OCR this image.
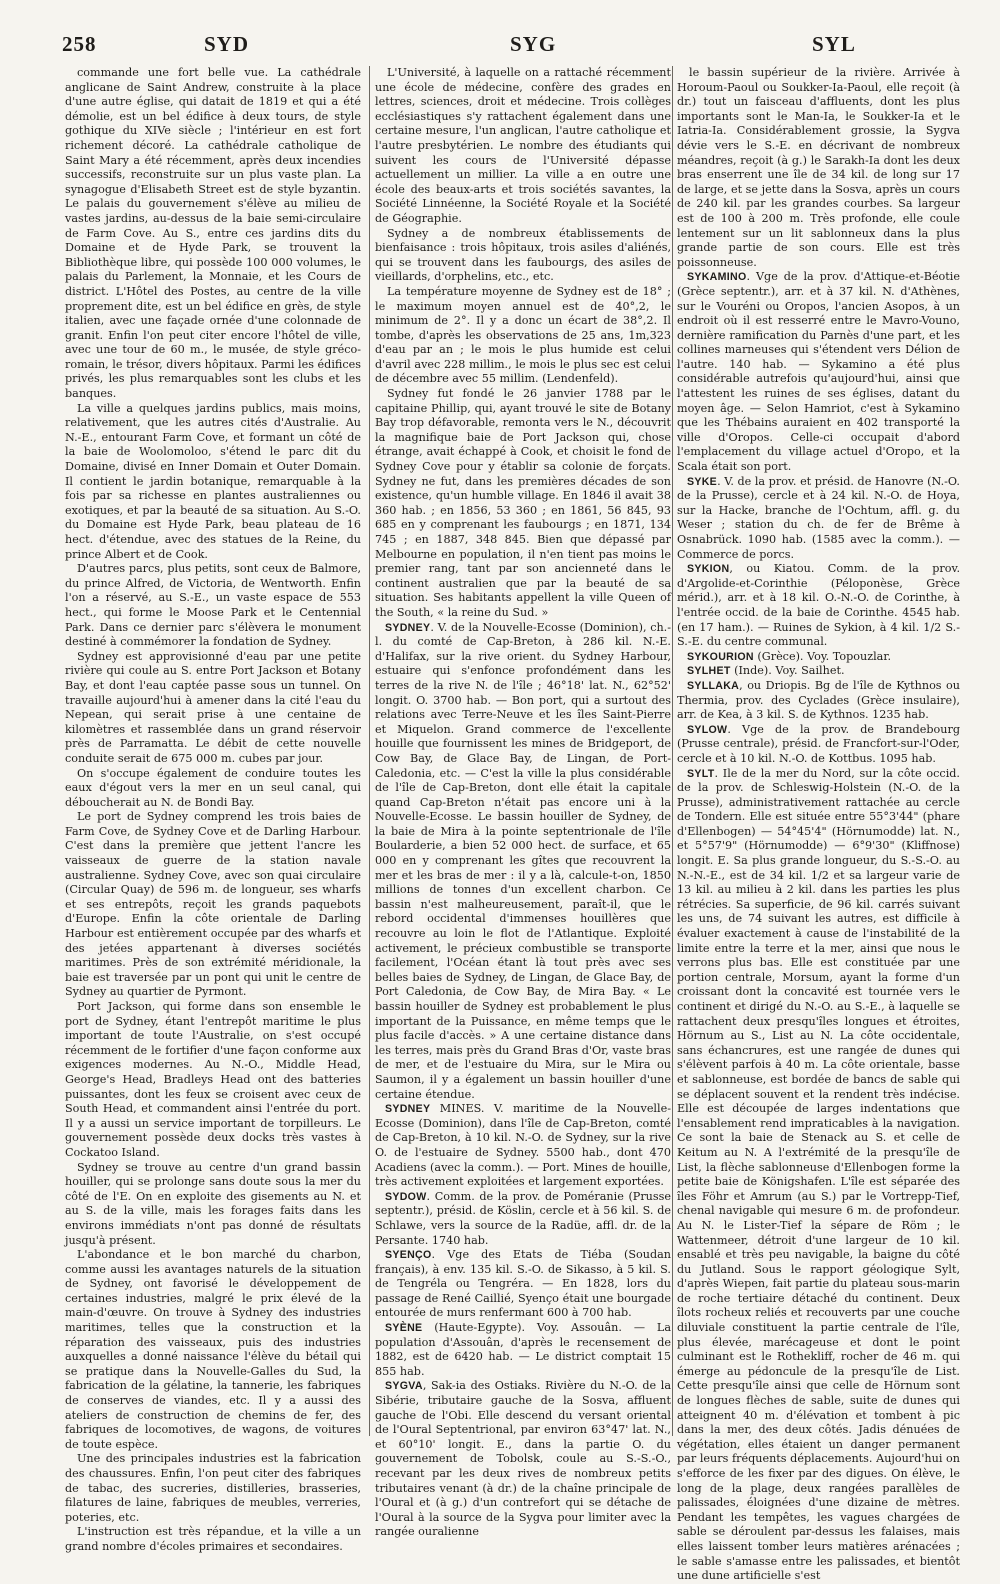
258	SYD	SYG	SYL

commande une fort belle vue. La cathédrale anglicane de Saint Andrew, construite à la place d'une autre église, qui datait de 1819 et qui a été démolie, est un bel édifice à deux tours, de style gothique du XIVe siècle ; l'intérieur en est fort richement décoré. La cathédrale catholique de Saint Mary a été récemment, après deux incendies successifs, reconstruite sur un plus vaste plan. La synagogue d'Elisabeth Street est de style byzantin. Le palais du gouvernement s'élève au milieu de vastes jardins, au-dessus de la baie semi-circulaire de Farm Cove. Au S., entre ces jardins dits du Domaine et de Hyde Park, se trouvent la Bibliothèque libre, qui possède 100 000 volumes, le palais du Parlement, la Monnaie, et les Cours de district. L'Hôtel des Postes, au centre de la ville proprement dite, est un bel édifice en grès, de style italien, avec une façade ornée d'une colonnade de granit. Enfin l'on peut citer encore l'hôtel de ville, avec une tour de 60 m., le musée, de style gréco-romain, le trésor, divers hôpitaux. Parmi les édifices privés, les plus remarquables sont les clubs et les banques.

La ville a quelques jardins publics, mais moins, relativement, que les autres cités d'Australie. Au N.-E., entourant Farm Cove, et formant un côté de la baie de Woolomoloo, s'étend le parc dit du Domaine, divisé en Inner Domain et Outer Domain. Il contient le jardin botanique, remarquable à la fois par sa richesse en plantes australiennes ou exotiques, et par la beauté de sa situation. Au S.-O. du Domaine est Hyde Park, beau plateau de 16 hect. d'étendue, avec des statues de la Reine, du prince Albert et de Cook.

D'autres parcs, plus petits, sont ceux de Balmore, du prince Alfred, de Victoria, de Wentworth. Enfin l'on a réservé, au S.-E., un vaste espace de 553 hect., qui forme le Moose Park et le Centennial Park. Dans ce dernier parc s'élèvera le monument destiné à commémorer la fondation de Sydney.

Sydney est approvisionné d'eau par une petite rivière qui coule au S. entre Port Jackson et Botany Bay, et dont l'eau captée passe sous un tunnel. On travaille aujourd'hui à amener dans la cité l'eau du Nepean, qui serait prise à une centaine de kilomètres et rassemblée dans un grand réservoir près de Parramatta. Le débit de cette nouvelle conduite serait de 675 000 m. cubes par jour.

On s'occupe également de conduire toutes les eaux d'égout vers la mer en un seul canal, qui déboucherait au N. de Bondi Bay.

Le port de Sydney comprend les trois baies de Farm Cove, de Sydney Cove et de Darling Harbour. C'est dans la première que jettent l'ancre les vaisseaux de guerre de la station navale australienne. Sydney Cove, avec son quai circulaire (Circular Quay) de 596 m. de longueur, ses wharfs et ses entrepôts, reçoit les grands paquebots d'Europe. Enfin la côte orientale de Darling Harbour est entièrement occupée par des wharfs et des jetées appartenant à diverses sociétés maritimes. Près de son extrémité méridionale, la baie est traversée par un pont qui unit le centre de Sydney au quartier de Pyrmont.

Port Jackson, qui forme dans son ensemble le port de Sydney, étant l'entrepôt maritime le plus important de toute l'Australie, on s'est occupé récemment de le fortifier d'une façon conforme aux exigences modernes. Au N.-O., Middle Head, George's Head, Bradleys Head ont des batteries puissantes, dont les feux se croisent avec ceux de South Head, et commandent ainsi l'entrée du port. Il y a aussi un service important de torpilleurs. Le gouvernement possède deux docks très vastes à Cockatoo Island.

Sydney se trouve au centre d'un grand bassin houiller, qui se prolonge sans doute sous la mer du côté de l'E. On en exploite des gisements au N. et au S. de la ville, mais les forages faits dans les environs immédiats n'ont pas donné de résultats jusqu'à présent.

L'abondance et le bon marché du charbon, comme aussi les avantages naturels de la situation de Sydney, ont favorisé le développement de certaines industries, malgré le prix élevé de la main-d'œuvre. On trouve à Sydney des industries maritimes, telles que la construction et la réparation des vaisseaux, puis des industries auxquelles a donné naissance l'élève du bétail qui se pratique dans la Nouvelle-Galles du Sud, la fabrication de la gélatine, la tannerie, les fabriques de conserves de viandes, etc. Il y a aussi des ateliers de construction de chemins de fer, des fabriques de locomotives, de wagons, de voitures de toute espèce.

Une des principales industries est la fabrication des chaussures. Enfin, l'on peut citer des fabriques de tabac, des sucreries, distilleries, brasseries, filatures de laine, fabriques de meubles, verreries, poteries, etc.

L'instruction est très répandue, et la ville a un grand nombre d'écoles primaires et secondaires.

L'Université, à laquelle on a rattaché récemment une école de médecine, confère des grades en lettres, sciences, droit et médecine. Trois collèges ecclésiastiques s'y rattachent également dans une certaine mesure, l'un anglican, l'autre catholique et l'autre presbytérien. Le nombre des étudiants qui suivent les cours de l'Université dépasse actuellement un millier. La ville a en outre une école des beaux-arts et trois sociétés savantes, la Société Linnéenne, la Société Royale et la Société de Géographie.

Sydney a de nombreux établissements de bienfaisance : trois hôpitaux, trois asiles d'aliénés, qui se trouvent dans les faubourgs, des asiles de vieillards, d'orphelins, etc., etc.

La température moyenne de Sydney est de 18° ; le maximum moyen annuel est de 40°,2, le minimum de 2°. Il y a donc un écart de 38°,2. Il tombe, d'après les observations de 25 ans, 1m,323 d'eau par an ; le mois le plus humide est celui d'avril avec 228 millim., le mois le plus sec est celui de décembre avec 55 millim. (Lendenfeld).

Sydney fut fondé le 26 janvier 1788 par le capitaine Phillip, qui, ayant trouvé le site de Botany Bay trop défavorable, remonta vers le N., découvrit la magnifique baie de Port Jackson qui, chose étrange, avait échappé à Cook, et choisit le fond de Sydney Cove pour y établir sa colonie de forçats. Sydney ne fut, dans les premières décades de son existence, qu'un humble village. En 1846 il avait 38 360 hab. ; en 1856, 53 360 ; en 1861, 56 845, 93 685 en y comprenant les faubourgs ; en 1871, 134 745 ; en 1887, 348 845. Bien que dépassé par Melbourne en population, il n'en tient pas moins le premier rang, tant par son ancienneté dans le continent australien que par la beauté de sa situation. Ses habitants appellent la ville Queen of the South, « la reine du Sud. »

SYDNEY. V. de la Nouvelle-Ecosse (Dominion), ch.-l. du comté de Cap-Breton, à 286 kil. N.-E. d'Halifax, sur la rive orient. du Sydney Harbour, estuaire qui s'enfonce profondément dans les terres de la rive N. de l'île ; 46°18' lat. N., 62°52' longit. O. 3700 hab. — Bon port, qui a surtout des relations avec Terre-Neuve et les îles Saint-Pierre et Miquelon. Grand commerce de l'excellente houille que fournissent les mines de Bridgeport, de Cow Bay, de Glace Bay, de Lingan, de Port-Caledonia, etc. — C'est la ville la plus considérable de l'île de Cap-Breton, dont elle était la capitale quand Cap-Breton n'était pas encore uni à la Nouvelle-Ecosse. Le bassin houiller de Sydney, de la baie de Mira à la pointe septentrionale de l'île Boularderie, a bien 52 000 hect. de surface, et 65 000 en y comprenant les gîtes que recouvrent la mer et les bras de mer : il y a là, calcule-t-on, 1850 millions de tonnes d'un excellent charbon. Ce bassin n'est malheureusement, paraît-il, que le rebord occidental d'immenses houillères que recouvre au loin le flot de l'Atlantique. Exploité activement, le précieux combustible se transporte facilement, l'Océan étant là tout près avec ses belles baies de Sydney, de Lingan, de Glace Bay, de Port Caledonia, de Cow Bay, de Mira Bay. « Le bassin houiller de Sydney est probablement le plus important de la Puissance, en même temps que le plus facile d'accès. » A une certaine distance dans les terres, mais près du Grand Bras d'Or, vaste bras de mer, et de l'estuaire du Mira, sur le Mira ou Saumon, il y a également un bassin houiller d'une certaine étendue.

SYDNEY MINES. V. maritime de la Nouvelle-Ecosse (Dominion), dans l'île de Cap-Breton, comté de Cap-Breton, à 10 kil. N.-O. de Sydney, sur la rive O. de l'estuaire de Sydney. 5500 hab., dont 470 Acadiens (avec la comm.). — Port. Mines de houille, très activement exploitées et largement exportées.

SYDOW. Comm. de la prov. de Poméranie (Prusse septentr.), présid. de Köslin, cercle et à 56 kil. S. de Schlawe, vers la source de la Radüe, affl. dr. de la Persante. 1740 hab.

SYENÇO. Vge des Etats de Tiéba (Soudan français), à env. 135 kil. S.-O. de Sikasso, à 5 kil. S. de Tengréla ou Tengréra. — En 1828, lors du passage de René Caillié, Syenço était une bourgade entourée de murs renfermant 600 à 700 hab.

SYÈNE (Haute-Egypte). Voy. Assouân. — La population d'Assouân, d'après le recensement de 1882, est de 6420 hab. — Le district comptait 15 855 hab.

SYGVA, Sak-ia des Ostiaks. Rivière du N.-O. de la Sibérie, tributaire gauche de la Sosva, affluent gauche de l'Obi. Elle descend du versant oriental de l'Oural Septentrional, par environ 63°47' lat. N., et 60°10' longit. E., dans la partie O. du gouvernement de Tobolsk, coule au S.-S.-O., recevant par les deux rives de nombreux petits tributaires venant (à dr.) de la chaîne principale de l'Oural et (à g.) d'un contrefort qui se détache de l'Oural à la source de la Sygva pour limiter avec la rangée ouralienne

le bassin supérieur de la rivière. Arrivée à Horoum-Paoul ou Soukker-Ia-Paoul, elle reçoit (à dr.) tout un faisceau d'affluents, dont les plus importants sont le Man-Ia, le Soukker-Ia et le Iatria-Ia. Considérablement grossie, la Sygva dévie vers le S.-E. en décrivant de nombreux méandres, reçoit (à g.) le Sarakh-Ia dont les deux bras enserrent une île de 34 kil. de long sur 17 de large, et se jette dans la Sosva, après un cours de 240 kil. par les grandes courbes. Sa largeur est de 100 à 200 m. Très profonde, elle coule lentement sur un lit sablonneux dans la plus grande partie de son cours. Elle est très poissonneuse.

SYKAMINO. Vge de la prov. d'Attique-et-Béotie (Grèce septentr.), arr. et à 37 kil. N. d'Athènes, sur le Vouréni ou Oropos, l'ancien Asopos, à un endroit où il est resserré entre le Mavro-Vouno, dernière ramification du Parnès d'une part, et les collines marneuses qui s'étendent vers Délion de l'autre. 140 hab. — Sykamino a été plus considérable autrefois qu'aujourd'hui, ainsi que l'attestent les ruines de ses églises, datant du moyen âge. — Selon Hamriot, c'est à Sykamino que les Thébains auraient en 402 transporté la ville d'Oropos. Celle-ci occupait d'abord l'emplacement du village actuel d'Oropo, et la Scala était son port.

SYKE. V. de la prov. et présid. de Hanovre (N.-O. de la Prusse), cercle et à 24 kil. N.-O. de Hoya, sur la Hacke, branche de l'Ochtum, affl. g. du Weser ; station du ch. de fer de Brême à Osnabrück. 1090 hab. (1585 avec la comm.). — Commerce de porcs.

SYKION, ou Kiatou. Comm. de la prov. d'Argolide-et-Corinthie (Péloponèse, Grèce mérid.), arr. et à 18 kil. O.-N.-O. de Corinthe, à l'entrée occid. de la baie de Corinthe. 4545 hab. (en 17 ham.). — Ruines de Sykion, à 4 kil. 1/2 S.-S.-E. du centre communal.

SYKOURION (Grèce). Voy. Topouzlar.

SYLHET (Inde). Voy. Sailhet.

SYLLAKA, ou Driopis. Bg de l'île de Kythnos ou Thermia, prov. des Cyclades (Grèce insulaire), arr. de Kea, à 3 kil. S. de Kythnos. 1235 hab.

SYLOW. Vge de la prov. de Brandebourg (Prusse centrale), présid. de Francfort-sur-l'Oder, cercle et à 10 kil. N.-O. de Kottbus. 1095 hab.

SYLT. Ile de la mer du Nord, sur la côte occid. de la prov. de Schleswig-Holstein (N.-O. de la Prusse), administrativement rattachée au cercle de Tondern. Elle est située entre 55°3'44" (phare d'Ellenbogen) — 54°45'4" (Hörnumodde) lat. N., et 5°57'9" (Hörnumodde) — 6°9'30" (Kliffnose) longit. E. Sa plus grande longueur, du S.-S.-O. au N.-N.-E., est de 34 kil. 1/2 et sa largeur varie de 13 kil. au milieu à 2 kil. dans les parties les plus rétrécies. Sa superficie, de 96 kil. carrés suivant les uns, de 74 suivant les autres, est difficile à évaluer exactement à cause de l'instabilité de la limite entre la terre et la mer, ainsi que nous le verrons plus bas. Elle est constituée par une portion centrale, Morsum, ayant la forme d'un croissant dont la concavité est tournée vers le continent et dirigé du N.-O. au S.-E., à laquelle se rattachent deux presqu'îles longues et étroites, Hörnum au S., List au N. La côte occidentale, sans échancrures, est une rangée de dunes qui s'élèvent parfois à 40 m. La côte orientale, basse et sablonneuse, est bordée de bancs de sable qui se déplacent souvent et la rendent très indécise. Elle est découpée de larges indentations que l'ensablement rend impraticables à la navigation. Ce sont la baie de Stenack au S. et celle de Keitum au N. A l'extrémité de la presqu'île de List, la flèche sablonneuse d'Ellenbogen forme la petite baie de Königshafen. L'île est séparée des îles Föhr et Amrum (au S.) par le Vortrepp-Tief, chenal navigable qui mesure 6 m. de profondeur. Au N. le Lister-Tief la sépare de Röm ; le Wattenmeer, détroit d'une largeur de 10 kil. ensablé et très peu navigable, la baigne du côté du Jutland. Sous le rapport géologique Sylt, d'après Wiepen, fait partie du plateau sous-marin de roche tertiaire détaché du continent. Deux îlots rocheux reliés et recouverts par une couche diluviale constituent la partie centrale de l'île, plus élevée, marécageuse et dont le point culminant est le Rothekliff, rocher de 46 m. qui émerge au pédoncule de la presqu'île de List. Cette presqu'île ainsi que celle de Hörnum sont de longues flèches de sable, suite de dunes qui atteignent 40 m. d'élévation et tombent à pic dans la mer, des deux côtés. Jadis dénuées de végétation, elles étaient un danger permanent par leurs fréquents déplacements. Aujourd'hui on s'efforce de les fixer par des digues. On élève, le long de la plage, deux rangées parallèles de palissades, éloignées d'une dizaine de mètres. Pendant les tempêtes, les vagues chargées de sable se déroulent par-dessus les falaises, mais elles laissent tomber leurs matières arénacées ; le sable s'amasse entre les palissades, et bientôt une dune artificielle s'est
